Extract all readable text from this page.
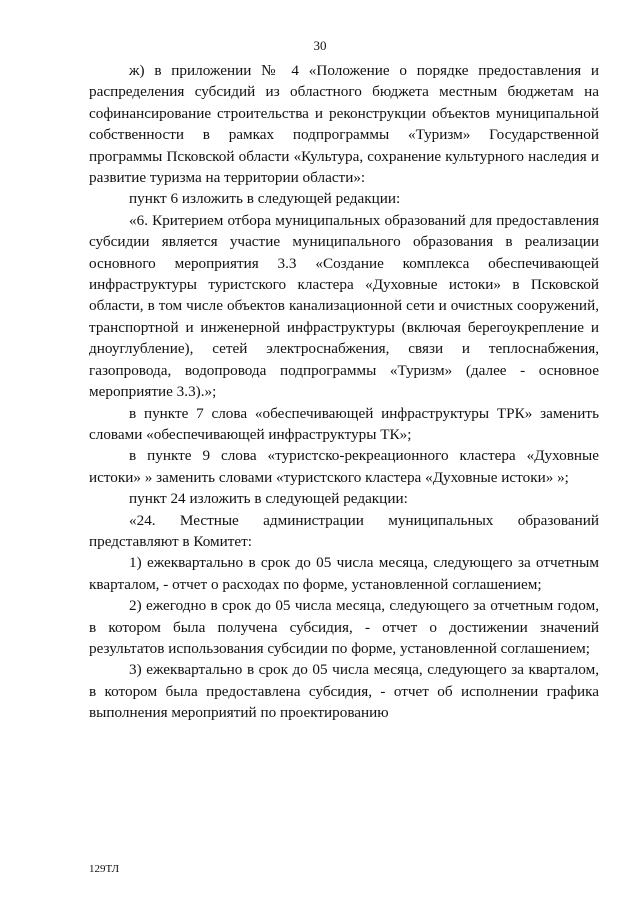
30

ж) в приложении № 4 «Положение о порядке предоставления и распределения субсидий из областного бюджета местным бюджетам на софинансирование строительства и реконструкции объектов муниципальной собственности в рамках подпрограммы «Туризм» Государственной программы Псковской области «Культура, сохранение культурного наследия и развитие туризма на территории области»:

пункт 6 изложить в следующей редакции:

«6. Критерием отбора муниципальных образований для предоставления субсидии является участие муниципального образования в реализации основного мероприятия 3.3 «Создание комплекса обеспечивающей инфраструктуры туристского кластера «Духовные истоки» в Псковской области, в том числе объектов канализационной сети и очистных сооружений, транспортной и инженерной инфраструктуры (включая берегоукрепление и дноуглубление), сетей электроснабжения, связи и теплоснабжения, газопровода, водопровода подпрограммы «Туризм» (далее - основное мероприятие 3.3).»;

в пункте 7 слова «обеспечивающей инфраструктуры ТРК» заменить словами «обеспечивающей инфраструктуры ТК»;

в пункте 9 слова «туристско-рекреационного кластера «Духовные истоки» » заменить словами «туристского кластера «Духовные истоки» »;

пункт 24 изложить в следующей редакции:

«24. Местные администрации муниципальных образований представляют в Комитет:

1) ежеквартально в срок до 05 числа месяца, следующего за отчетным кварталом, - отчет о расходах по форме, установленной соглашением;

2) ежегодно в срок до 05 числа месяца, следующего за отчетным годом, в котором была получена субсидия, - отчет о достижении значений результатов использования субсидии по форме, установленной соглашением;

3) ежеквартально в срок до 05 числа месяца, следующего за кварталом, в котором была предоставлена субсидия, - отчет об исполнении графика выполнения мероприятий по проектированию

129ТЛ
